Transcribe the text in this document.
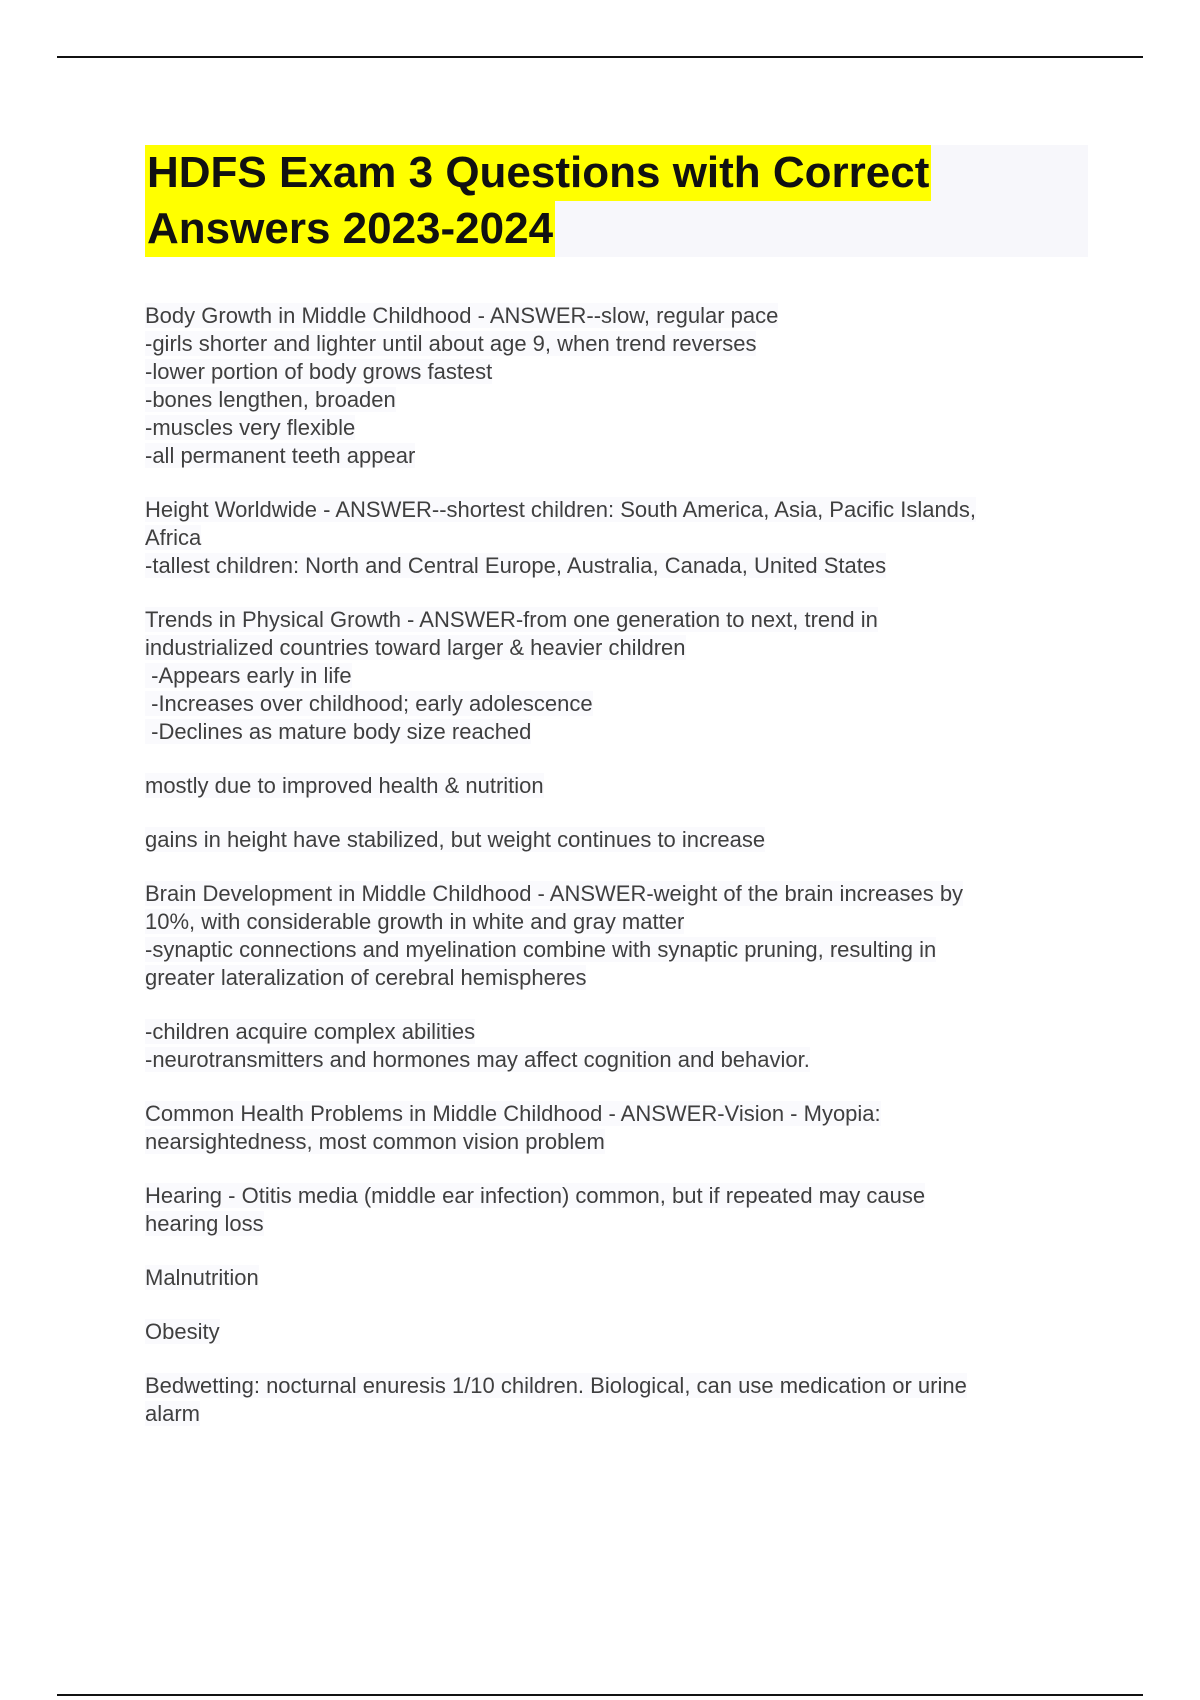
HDFS Exam 3 Questions with Correct
Answers 2023-2024
Body Growth in Middle Childhood - ANSWER--slow, regular pace
-girls shorter and lighter until about age 9, when trend reverses
-lower portion of body grows fastest
-bones lengthen, broaden
-muscles very flexible
-all permanent teeth appear
Height Worldwide - ANSWER--shortest children: South America, Asia, Pacific Islands,
Africa
-tallest children: North and Central Europe, Australia, Canada, United States
Trends in Physical Growth - ANSWER-from one generation to next, trend in
industrialized countries toward larger & heavier children
-Appears early in life
-Increases over childhood; early adolescence
-Declines as mature body size reached
mostly due to improved health & nutrition
gains in height have stabilized, but weight continues to increase
Brain Development in Middle Childhood - ANSWER-weight of the brain increases by
10%, with considerable growth in white and gray matter
-synaptic connections and myelination combine with synaptic pruning, resulting in
greater lateralization of cerebral hemispheres
-children acquire complex abilities
-neurotransmitters and hormones may affect cognition and behavior.
Common Health Problems in Middle Childhood - ANSWER-Vision - Myopia:
nearsightedness, most common vision problem
Hearing - Otitis media (middle ear infection) common, but if repeated may cause
hearing loss
Malnutrition
Obesity
Bedwetting: nocturnal enuresis 1/10 children. Biological, can use medication or urine
alarm
